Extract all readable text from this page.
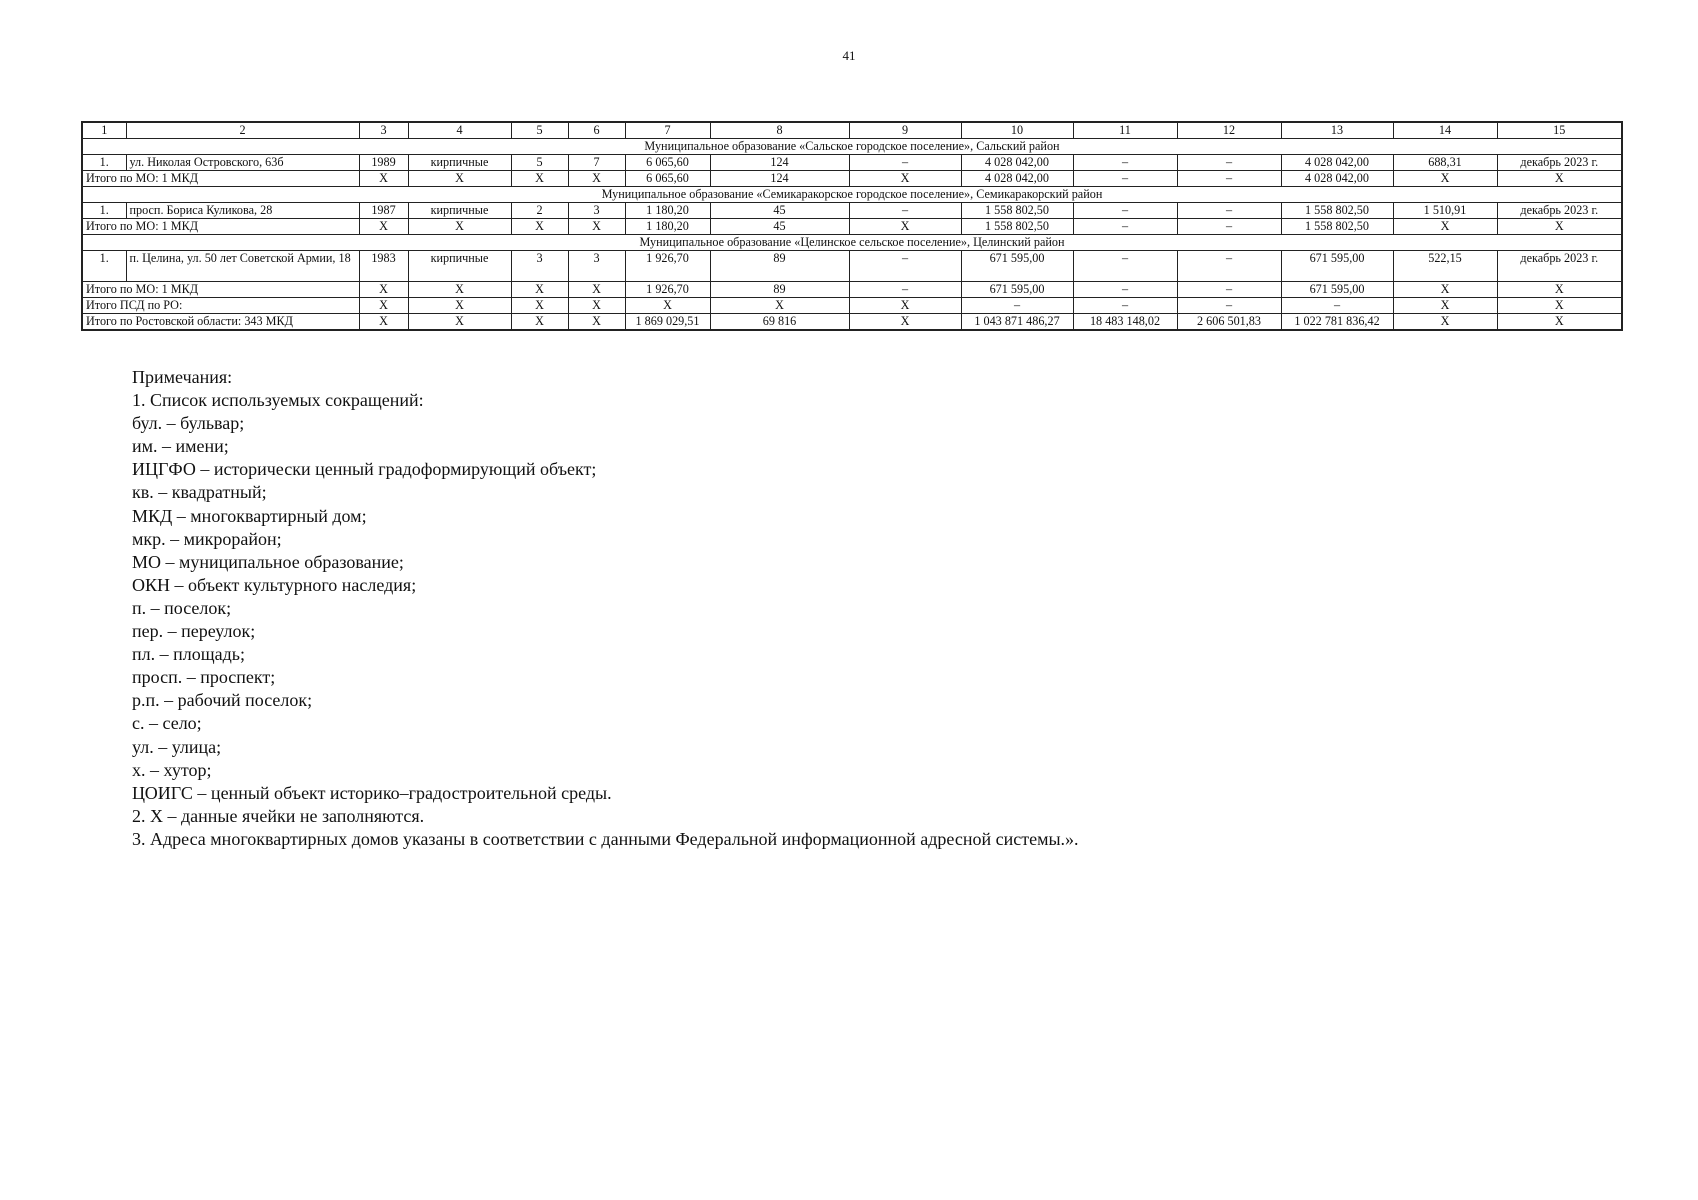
41
1	2	3	4	5	6	7	8	9	10	11	12	13	14	15
Муниципальное образование «Сальское городское поселение», Сальский район														
1.	ул. Николая Островского, 63б	1989	кирпичные	5	7	6 065,60	124	–	4 028 042,00	–	–	4 028 042,00	688,31	декабрь 2023 г.
Итого по МО: 1 МКД		X	X	X	X	6 065,60	124	X	4 028 042,00	–	–	4 028 042,00	X	X
Муниципальное образование «Семикаракорское городское поселение», Семикаракорский район														
1.	просп. Бориса Куликова, 28	1987	кирпичные	2	3	1 180,20	45	–	1 558 802,50	–	–	1 558 802,50	1 510,91	декабрь 2023 г.
Итого по МО: 1 МКД		X	X	X	X	1 180,20	45	X	1 558 802,50	–	–	1 558 802,50	X	X
Муниципальное образование «Целинское сельское поселение», Целинский район														
1.	п. Целина, ул. 50 лет Советской Армии, 18	1983	кирпичные	3	3	1 926,70	89	–	671 595,00	–	–	671 595,00	522,15	декабрь 2023 г.
Итого по МО: 1 МКД		X	X	X	X	1 926,70	89	–	671 595,00	–	–	671 595,00	X	X
Итого ПСД по РО:		X	X	X	X	X	X	X	–	–	–	–	X	X
Итого по Ростовской области: 343 МКД		X	X	X	X	1 869 029,51	69 816	X	1 043 871 486,27	18 483 148,02	2 606 501,83	1 022 781 836,42	X	X
Примечания:
1. Список используемых сокращений:
бул. – бульвар;
им. – имени;
ИЦГФО – исторически ценный градоформирующий объект;
кв. – квадратный;
МКД – многоквартирный дом;
мкр. – микрорайон;
МО – муниципальное образование;
ОКН – объект культурного наследия;
п. – поселок;
пер. – переулок;
пл. – площадь;
просп. – проспект;
р.п. – рабочий поселок;
с. – село;
ул. – улица;
х. – хутор;
ЦОИГС – ценный объект историко–градостроительной среды.
2. X – данные ячейки не заполняются.
3. Адреса многоквартирных домов указаны в соответствии с данными Федеральной информационной адресной системы.».
